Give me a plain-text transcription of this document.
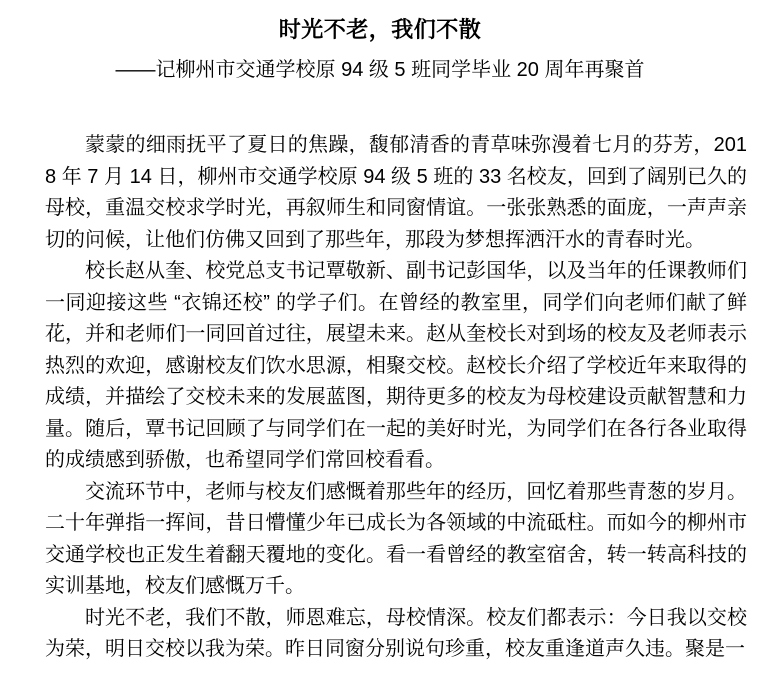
时光不老，我们不散
——记柳州市交通学校原 94 级 5 班同学毕业 20 周年再聚首

蒙蒙的细雨抚平了夏日的焦躁，馥郁清香的青草味弥漫着七月的芬芳，2018 年 7 月 14 日，柳州市交通学校原 94 级 5 班的 33 名校友，回到了阔别已久的母校，重温交校求学时光，再叙师生和同窗情谊。一张张熟悉的面庞，一声声亲切的问候，让他们仿佛又回到了那些年，那段为梦想挥洒汗水的青春时光。

校长赵从奎、校党总支书记覃敬新、副书记彭国华，以及当年的任课教师们一同迎接这些 “衣锦还校” 的学子们。在曾经的教室里，同学们向老师们献了鲜花，并和老师们一同回首过往，展望未来。赵从奎校长对到场的校友及老师表示热烈的欢迎，感谢校友们饮水思源，相聚交校。赵校长介绍了学校近年来取得的成绩，并描绘了交校未来的发展蓝图，期待更多的校友为母校建设贡献智慧和力量。随后，覃书记回顾了与同学们在一起的美好时光，为同学们在各行各业取得的成绩感到骄傲，也希望同学们常回校看看。

交流环节中，老师与校友们感慨着那些年的经历，回忆着那些青葱的岁月。二十年弹指一挥间，昔日懵懂少年已成长为各领域的中流砥柱。而如今的柳州市交通学校也正发生着翻天覆地的变化。看一看曾经的教室宿舍，转一转高科技的实训基地，校友们感慨万千。

时光不老，我们不散，师恩难忘，母校情深。校友们都表示：今日我以交校为荣，明日交校以我为荣。昨日同窗分别说句珍重，校友重逢道声久违。聚是一
